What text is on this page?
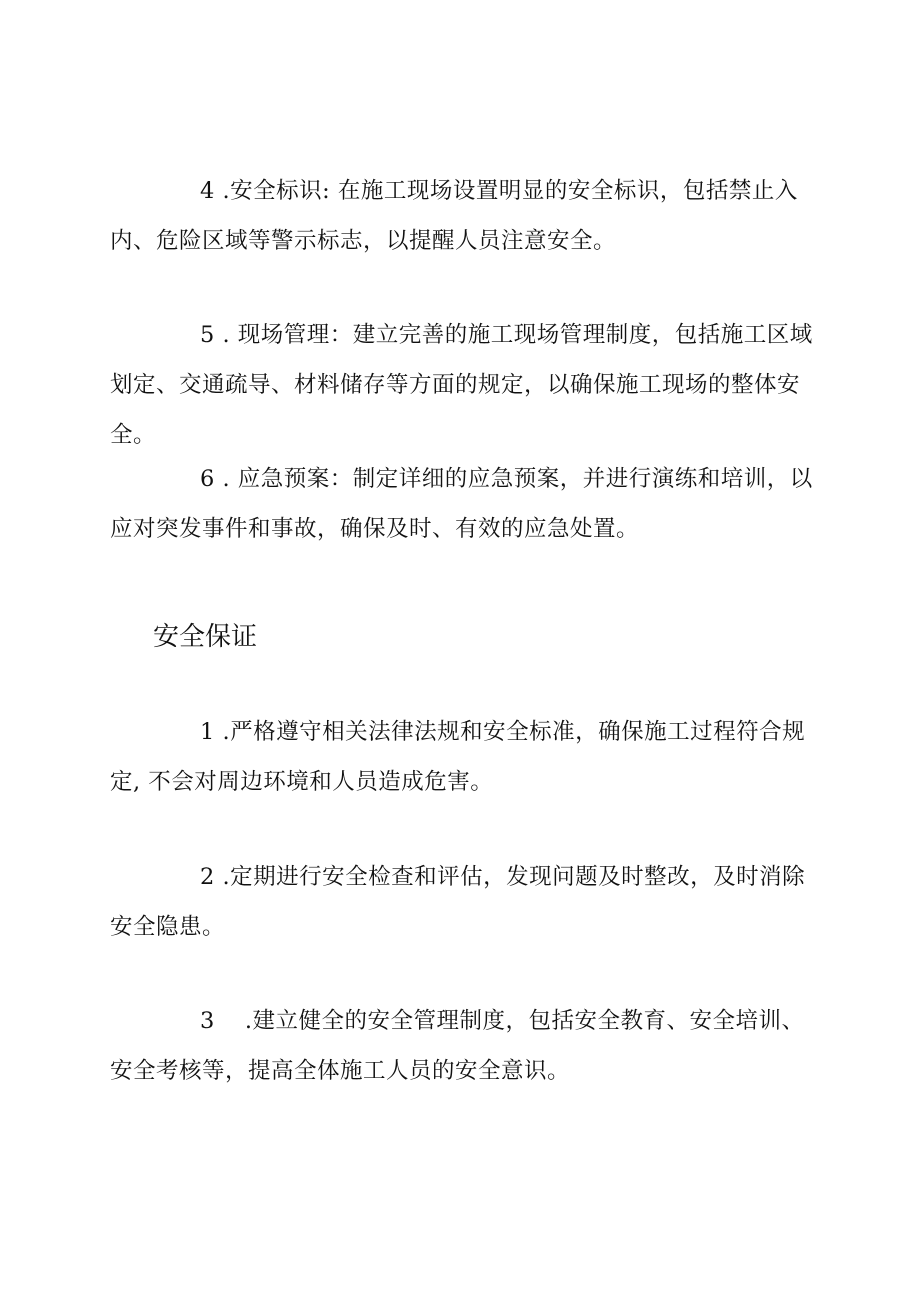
4 .安全标识: 在施工现场设置明显的安全标识，包括禁止入内、危险区域等警示标志，以提醒人员注意安全。

5 . 现场管理：建立完善的施工现场管理制度，包括施工区域划定、交通疏导、材料储存等方面的规定，以确保施工现场的整体安全。

6 . 应急预案：制定详细的应急预案，并进行演练和培训，以应对突发事件和事故，确保及时、有效的应急处置。

安全保证

1 .严格遵守相关法律法规和安全标准，确保施工过程符合规定, 不会对周边环境和人员造成危害。

2 .定期进行安全检查和评估，发现问题及时整改，及时消除安全隐患。

3 .建立健全的安全管理制度，包括安全教育、安全培训、安全考核等，提高全体施工人员的安全意识。
